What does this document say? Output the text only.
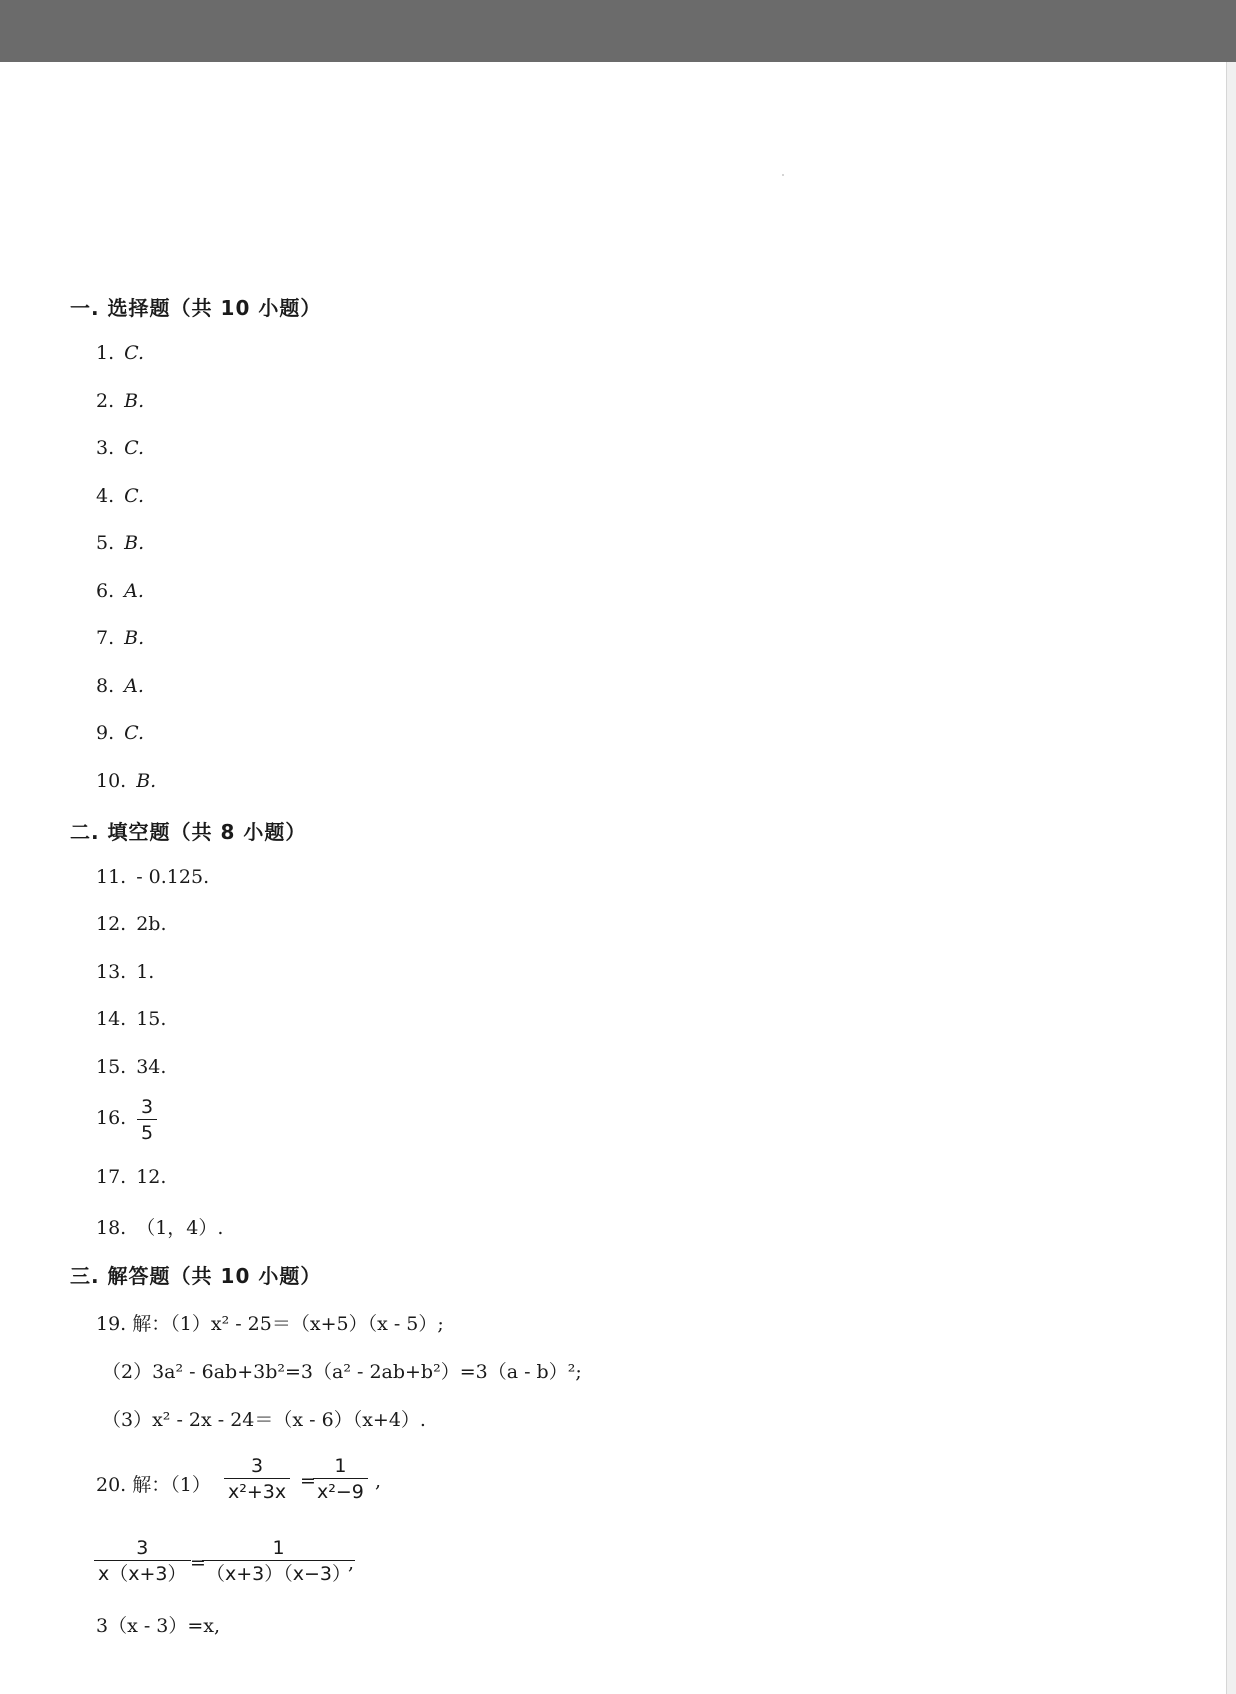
一. 选择题（共 10 小题）
1. C.
2. B.
3. C.
4. C.
5. B.
6. A.
7. B.
8. A.
9. C.
10. B.
二. 填空题（共 8 小题）
11. - 0.125.
12. 2b.
13. 1.
14. 15.
15. 34.
16. 3
5
17. 12.
18. （1，4）.
三. 解答题（共 10 小题）
19. 解：（1）x² - 25＝（x+5）（x - 5）;
（2）3a² - 6ab+3b²=3（a² - 2ab+b²）=3（a - b）²;
（3）x² - 2x - 24＝（x - 6）（x+4）.
20. 解：（1）
3
x²+3x =
1
x²−9 ,
3
x（x+3） =
1
（x+3）（x−3）
,
3（x - 3）=x,
